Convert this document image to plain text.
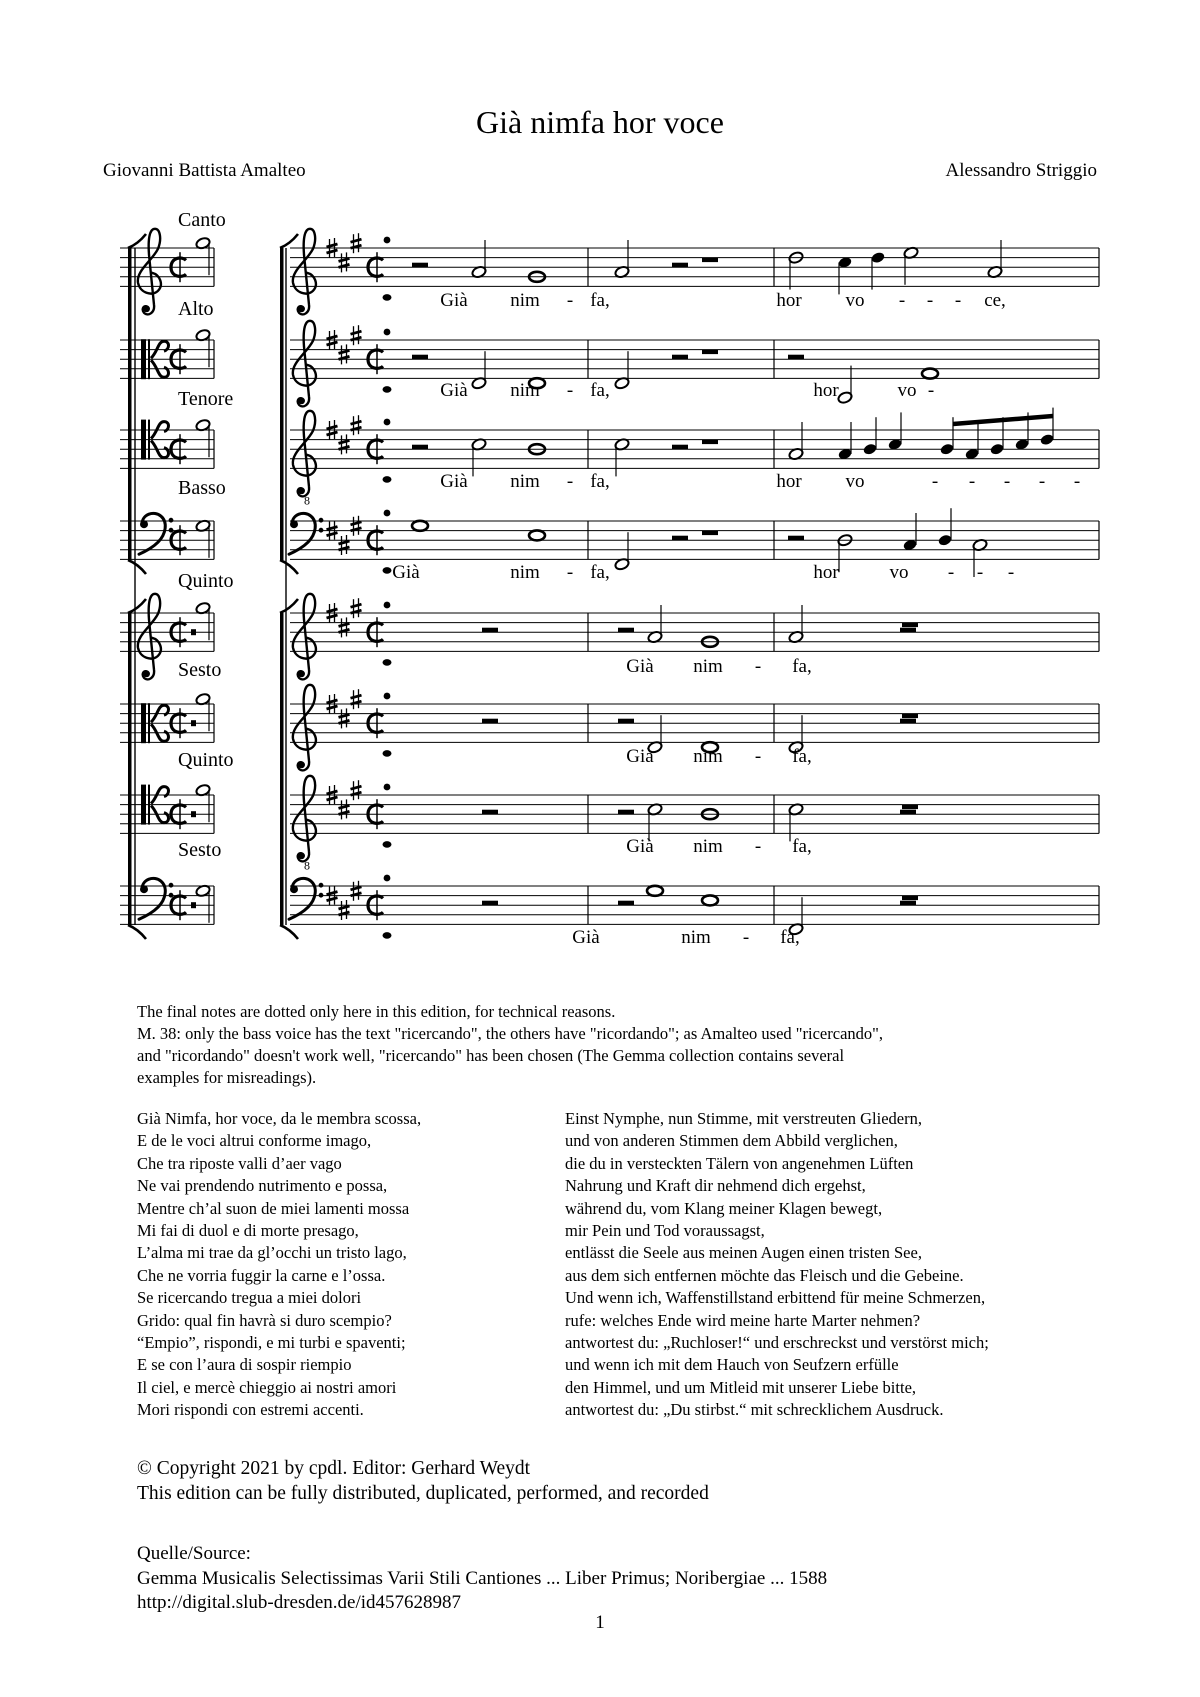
Già nimfa hor voce
Giovanni Battista Amalteo	Alessandro Striggio
8
8
Canto
Già nim - fa,	hor vo - - - ce,
Alto
Già nim - fa,	hor	vo -
Tenore
Già nim - fa,	hor vo	- - - - -
Basso
Già	nim - fa,	hor	vo - - -
Quinto
Già nim - fa,
Sesto
Già nim - fa,
Quinto
Già nim - fa,
Sesto
Già	nim - fa,

The final notes are dotted only here in this edition, for technical reasons.

M. 38: only the bass voice has the text "ricercando", the others have "ricordando"; as Amalteo used "ricercando",

and "ricordando" doesn't work well, "ricercando" has been chosen (The Gemma collection contains several

examples for misreadings).

Già Nimfa, hor voce, da le membra scossa,
E de le voci altrui conforme imago,
Che tra riposte valli d’aer vago
Ne vai prendendo nutrimento e possa,
Mentre ch’al suon de miei lamenti mossa
Mi fai di duol e di morte presago,
L’alma mi trae da gl’occhi un tristo lago,
Che ne vorria fuggir la carne e l’ossa.
Se ricercando tregua a miei dolori
Grido: qual fin havrà si duro scempio?
“Empio”, rispondi, e mi turbi e spaventi;
E se con l’aura di sospir riempio
Il ciel, e mercè chieggio ai nostri amori
Mori rispondi con estremi accenti.
Einst Nymphe, nun Stimme, mit verstreuten Gliedern,
und von anderen Stimmen dem Abbild verglichen,
die du in versteckten Tälern von angenehmen Lüften
Nahrung und Kraft dir nehmend dich ergehst,
während du, vom Klang meiner Klagen bewegt,
mir Pein und Tod voraussagst,
entlässt die Seele aus meinen Augen einen tristen See,
aus dem sich entfernen möchte das Fleisch und die Gebeine.
Und wenn ich, Waffenstillstand erbittend für meine Schmerzen,
rufe: welches Ende wird meine harte Marter nehmen?
antwortest du: „Ruchloser!“ und erschreckst und verstörst mich;
und wenn ich mit dem Hauch von Seufzern erfülle
den Himmel, und um Mitleid mit unserer Liebe bitte,
antwortest du: „Du stirbst.“ mit schrecklichem Ausdruck.
© Copyright 2021 by cpdl. Editor: Gerhard Weydt
This edition can be fully distributed, duplicated, performed, and recorded
Quelle/Source:
Gemma Musicalis Selectissimas Varii Stili Cantiones ... Liber Primus; Noribergiae ... 1588
http://digital.slub-dresden.de/id457628987
1
